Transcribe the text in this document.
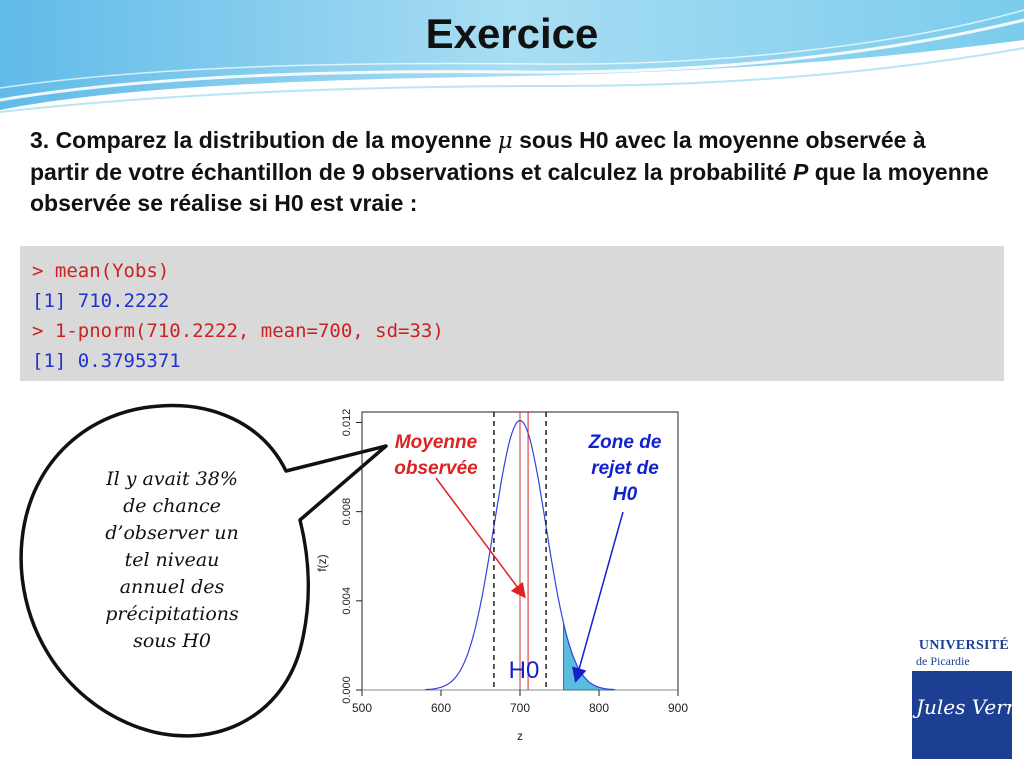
Exercice
3. Comparez la distribution de la moyenne μ sous H0 avec la moyenne observée à partir de votre échantillon de 9 observations et calculez la probabilité P que la moyenne observée se réalise si H0 est vraie :
> mean(Yobs)
[1] 710.2222
> 1-pnorm(710.2222, mean=700, sd=33)
[1] 0.3795371
Il y avait 38%
de chance
d’observer un
tel niveau
annuel des
précipitations
sous H0
500	600	700	800	900
0.000
0.004
0.008
0.012
z
f(z)
Moyenne observée
Zone de rejet de H0
H0
UNIVERSITÉ
de Picardie
Jules Verne
